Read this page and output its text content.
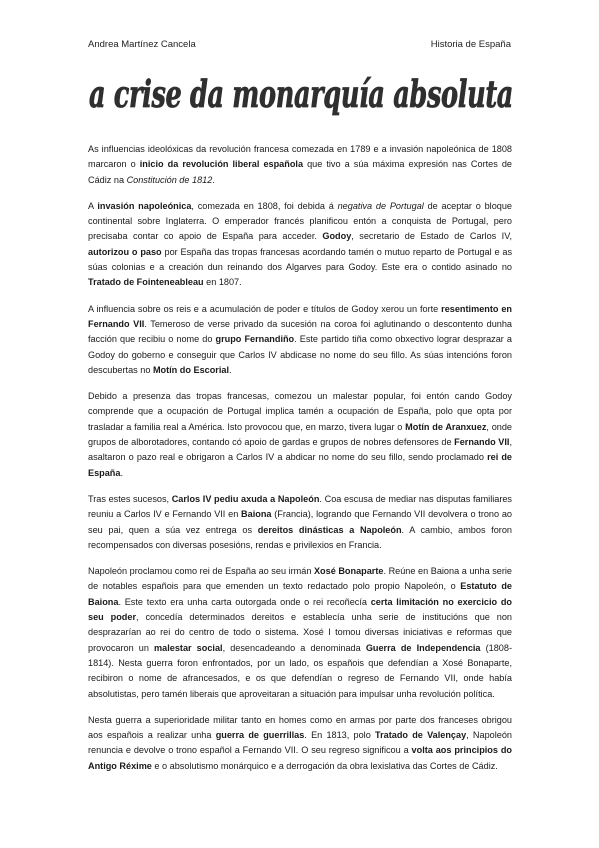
Andrea Martínez Cancela	Historia de España
a crise da monarquía absoluta

As influencias ideolóxicas da revolución francesa comezada en 1789 e a invasión napoleónica de 1808 marcaron o inicio da revolución liberal española que tivo a súa máxima expresión nas Cortes de Cádiz na Constitución de 1812.

A invasión napoleónica, comezada en 1808, foi debida á negativa de Portugal de aceptar o bloque continental sobre Inglaterra. O emperador francés planificou entón a conquista de Portugal, pero precisaba contar co apoio de España para acceder. Godoy, secretario de Estado de Carlos IV, autorizou o paso por España das tropas francesas acordando tamén o mutuo reparto de Portugal e as súas colonias e a creación dun reinando dos Algarves para Godoy. Este era o contido asinado no Tratado de Fointeneableau en 1807.

A influencia sobre os reis e a acumulación de poder e títulos de Godoy xerou un forte resentimento en Fernando VII. Temeroso de verse privado da sucesión na coroa foi aglutinando o descontento dunha facción que recibiu o nome do grupo Fernandiño. Este partido tiña como obxectivo lograr desprazar a Godoy do goberno e conseguir que Carlos IV abdicase no nome do seu fillo. As súas intencións foron descubertas no Motín do Escorial.

Debido a presenza das tropas francesas, comezou un malestar popular, foi entón cando Godoy comprende que a ocupación de Portugal implica tamén a ocupación de España, polo que opta por trasladar a familia real a América. Isto provocou que, en marzo, tivera lugar o Motín de Aranxuez, onde grupos de alborotadores, contando có apoio de gardas e grupos de nobres defensores de Fernando VII, asaltaron o pazo real e obrigaron a Carlos IV a abdicar no nome do seu fillo, sendo proclamado rei de España.

Tras estes sucesos, Carlos IV pediu axuda a Napoleón. Coa escusa de mediar nas disputas familiares reuniu a Carlos IV e Fernando VII en Baiona (Francia), logrando que Fernando VII devolvera o trono ao seu pai, quen a súa vez entrega os dereitos dinásticas a Napoleón. A cambio, ambos foron recompensados con diversas posesións, rendas e privilexios en Francia.

Napoleón proclamou como rei de España ao seu irmán Xosé Bonaparte. Reúne en Baiona a unha serie de notables españois para que emenden un texto redactado polo propio Napoleón, o Estatuto de Baiona. Este texto era unha carta outorgada onde o rei recoñecía certa limitación no exercicio do seu poder, concedía determinados dereitos e establecía unha serie de institucións que non desprazarían ao rei do centro de todo o sistema. Xosé I tomou diversas iniciativas e reformas que provocaron un malestar social, desencadeando a denominada Guerra de Independencia (1808-1814). Nesta guerra foron enfrontados, por un lado, os españois que defendían a Xosé Bonaparte, recibiron o nome de afrancesados, e os que defendían o regreso de Fernando VII, onde había absolutistas, pero tamén liberais que aproveitaran a situación para impulsar unha revolución política.

Nesta guerra a superioridade militar tanto en homes como en armas por parte dos franceses obrigou aos españois a realizar unha guerra de guerrillas. En 1813, polo Tratado de Valençay, Napoleón renuncia e devolve o trono español a Fernando VII. O seu regreso significou a volta aos principios do Antigo Réxime e o absolutismo monárquico e a derrogación da obra lexislativa das Cortes de Cádiz.
